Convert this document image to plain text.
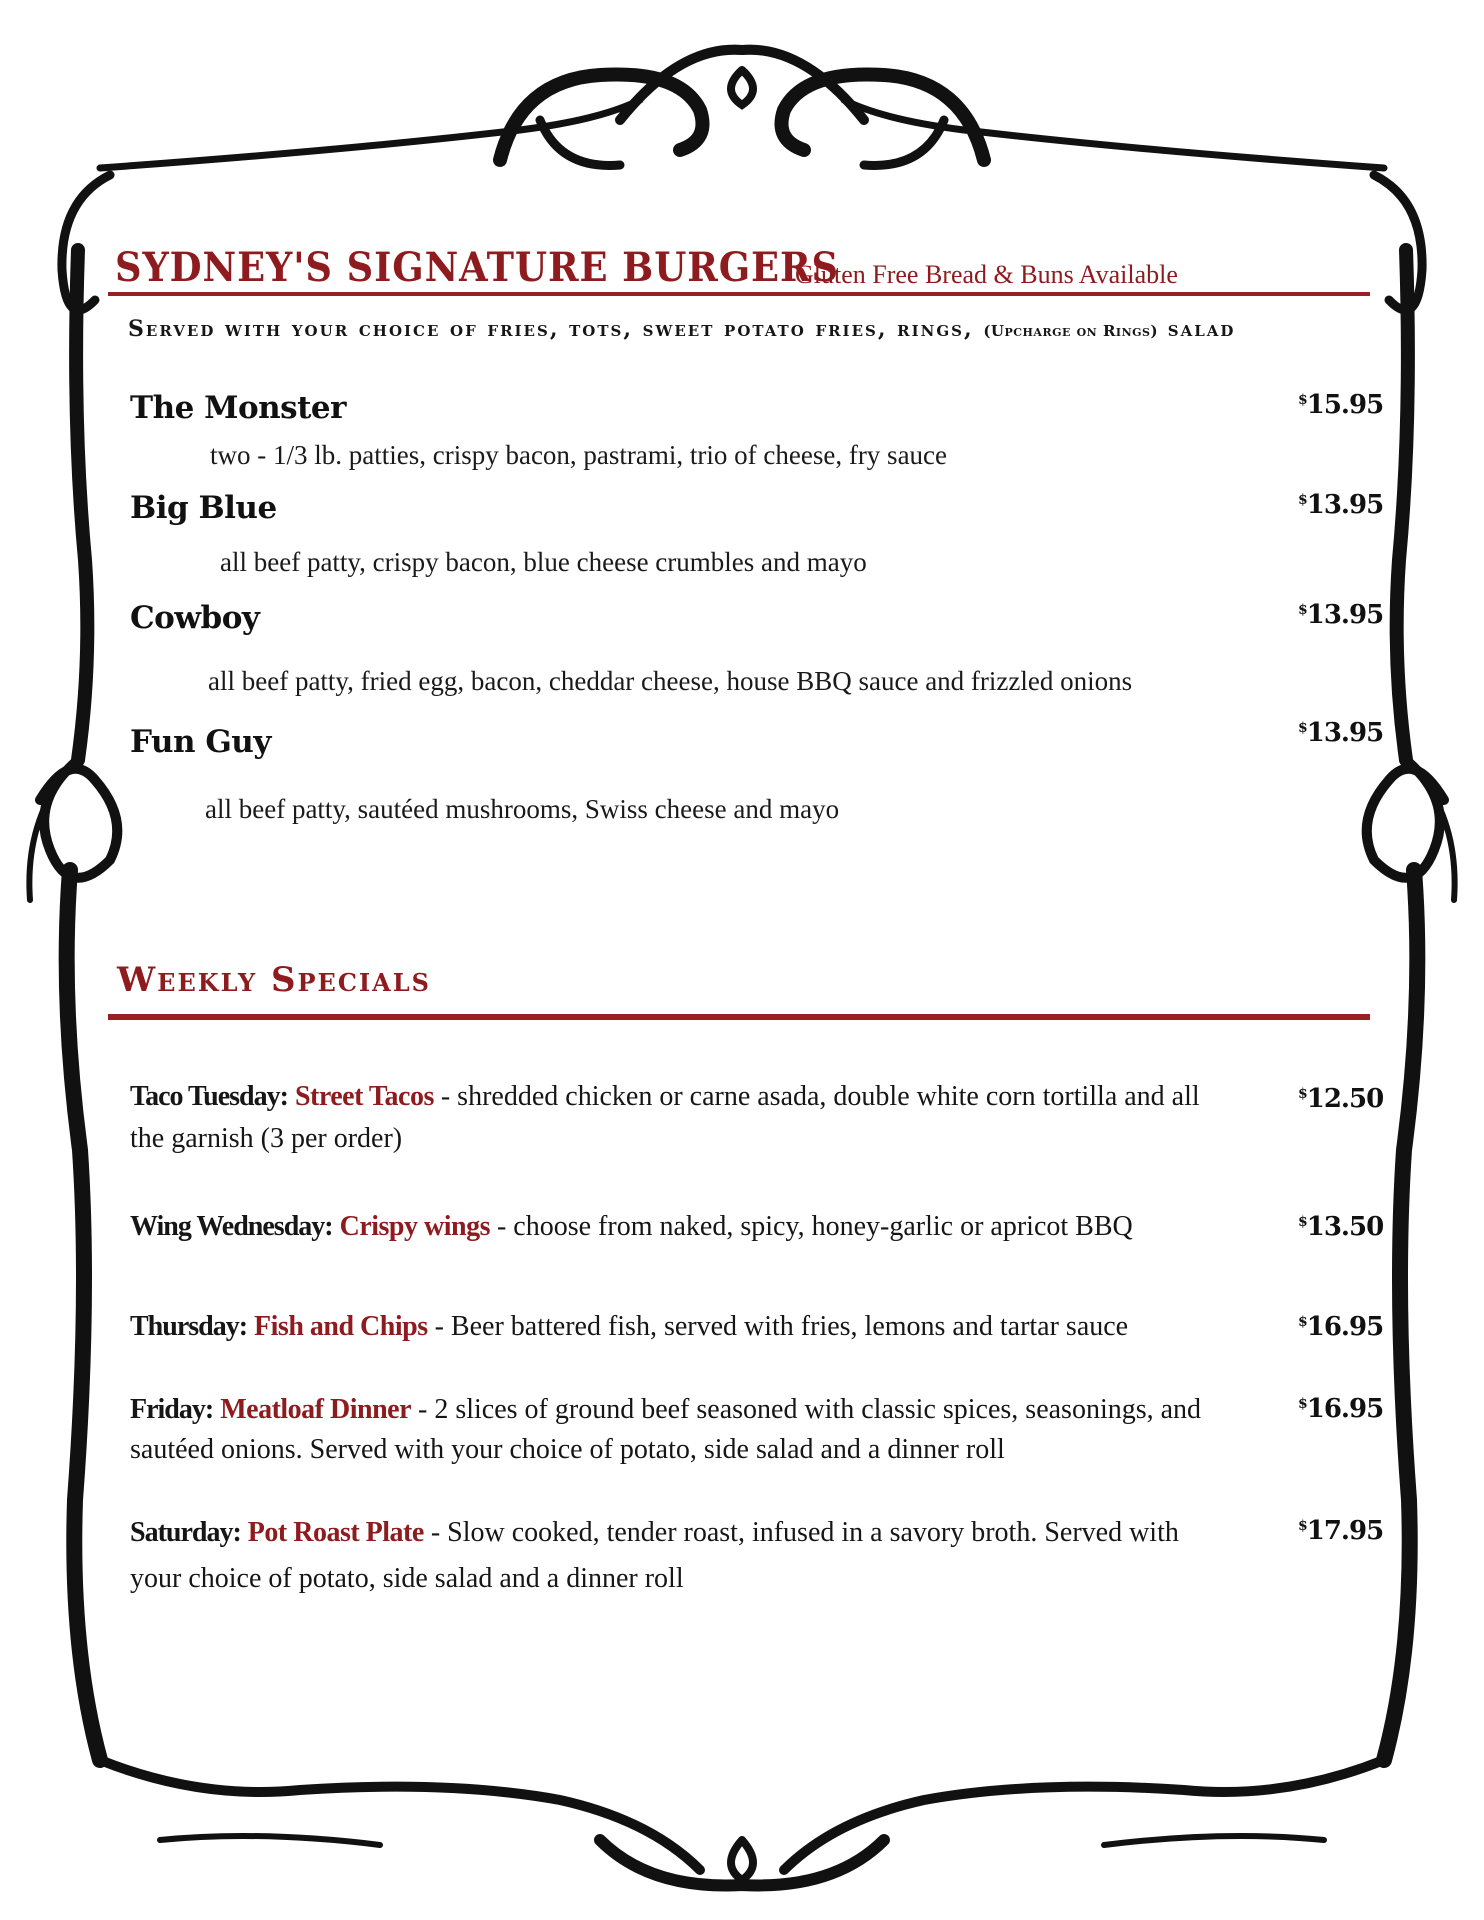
SYDNEY'S SIGNATURE BURGERS
Gluten Free Bread & Buns Available
Served with your choice of fries, tots, sweet potato fries, rings, (Upcharge on Rings) salad
The Monster	$15.95
two - 1/3 lb. patties, crispy bacon, pastrami, trio of cheese, fry sauce
Big Blue	$13.95
all beef patty, crispy bacon, blue cheese crumbles and mayo
Cowboy	$13.95
all beef patty, fried egg, bacon, cheddar cheese, house BBQ sauce and frizzled onions
Fun Guy	$13.95
all beef patty, sautéed mushrooms, Swiss cheese and mayo
Weekly Specials
Taco Tuesday: Street Tacos - shredded chicken or carne asada, double white corn tortilla and all the garnish (3 per order)
$12.50
Wing Wednesday: Crispy wings - choose from naked, spicy, honey-garlic or apricot BBQ	$13.50
Thursday: Fish and Chips - Beer battered fish, served with fries, lemons and tartar sauce	$16.95
Friday: Meatloaf Dinner - 2 slices of ground beef seasoned with classic spices, seasonings, and sautéed onions. Served with your choice of potato, side salad and a dinner roll
$16.95
Saturday: Pot Roast Plate - Slow cooked, tender roast, infused in a savory broth. Served with your choice of potato, side salad and a dinner roll
$17.95
